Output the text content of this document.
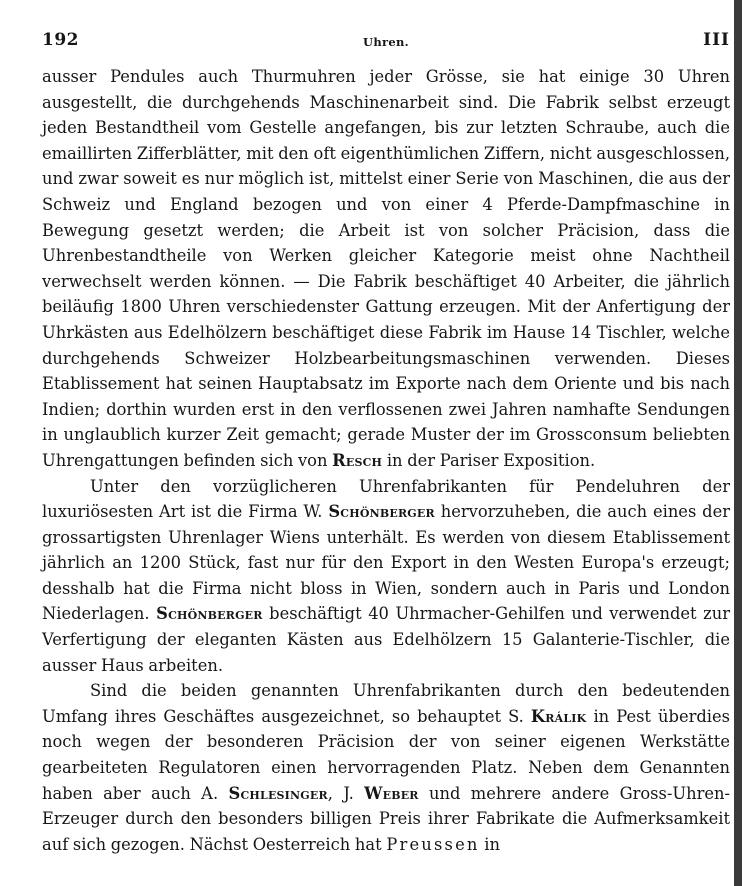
192	Uhren.	III

ausser Pendules auch Thurmuhren jeder Grösse, sie hat einige 30 Uhren ausgestellt, die durchgehends Maschinenarbeit sind. Die Fabrik selbst erzeugt jeden Bestandtheil vom Gestelle angefangen, bis zur letzten Schraube, auch die emaillirten Zifferblätter, mit den oft eigenthümlichen Ziffern, nicht ausgeschlossen, und zwar soweit es nur möglich ist, mittelst einer Serie von Maschinen, die aus der Schweiz und England bezogen und von einer 4 Pferde-Dampfmaschine in Bewegung gesetzt werden; die Arbeit ist von solcher Präcision, dass die Uhrenbestandtheile von Werken gleicher Kategorie meist ohne Nachtheil verwechselt werden können. — Die Fabrik beschäftiget 40 Arbeiter, die jährlich beiläufig 1800 Uhren verschiedenster Gattung erzeugen. Mit der Anfertigung der Uhrkästen aus Edelhölzern beschäftiget diese Fabrik im Hause 14 Tischler, welche durchgehends Schweizer Holzbearbeitungsmaschinen verwenden. Dieses Etablissement hat seinen Hauptabsatz im Exporte nach dem Oriente und bis nach Indien; dorthin wurden erst in den verflossenen zwei Jahren namhafte Sendungen in unglaublich kurzer Zeit gemacht; gerade Muster der im Grossconsum beliebten Uhrengattungen befinden sich von Resch in der Pariser Exposition.

Unter den vorzüglicheren Uhrenfabrikanten für Pendeluhren der luxuriösesten Art ist die Firma W. Schönberger hervorzuheben, die auch eines der grossartigsten Uhrenlager Wiens unterhält. Es werden von diesem Etablissement jährlich an 1200 Stück, fast nur für den Export in den Westen Europa's erzeugt; desshalb hat die Firma nicht bloss in Wien, sondern auch in Paris und London Niederlagen. Schönberger beschäftigt 40 Uhrmacher-Gehilfen und verwendet zur Verfertigung der eleganten Kästen aus Edelhölzern 15 Galanterie-Tischler, die ausser Haus arbeiten.

Sind die beiden genannten Uhrenfabrikanten durch den bedeutenden Umfang ihres Geschäftes ausgezeichnet, so behauptet S. Králik in Pest überdies noch wegen der besonderen Präcision der von seiner eigenen Werkstätte gearbeiteten Regulatoren einen hervorragenden Platz. Neben dem Genannten haben aber auch A. Schlesinger, J. Weber und mehrere andere Gross-Uhren-Erzeuger durch den besonders billigen Preis ihrer Fabrikate die Aufmerksamkeit auf sich gezogen. Nächst Oesterreich hat Preussen in
